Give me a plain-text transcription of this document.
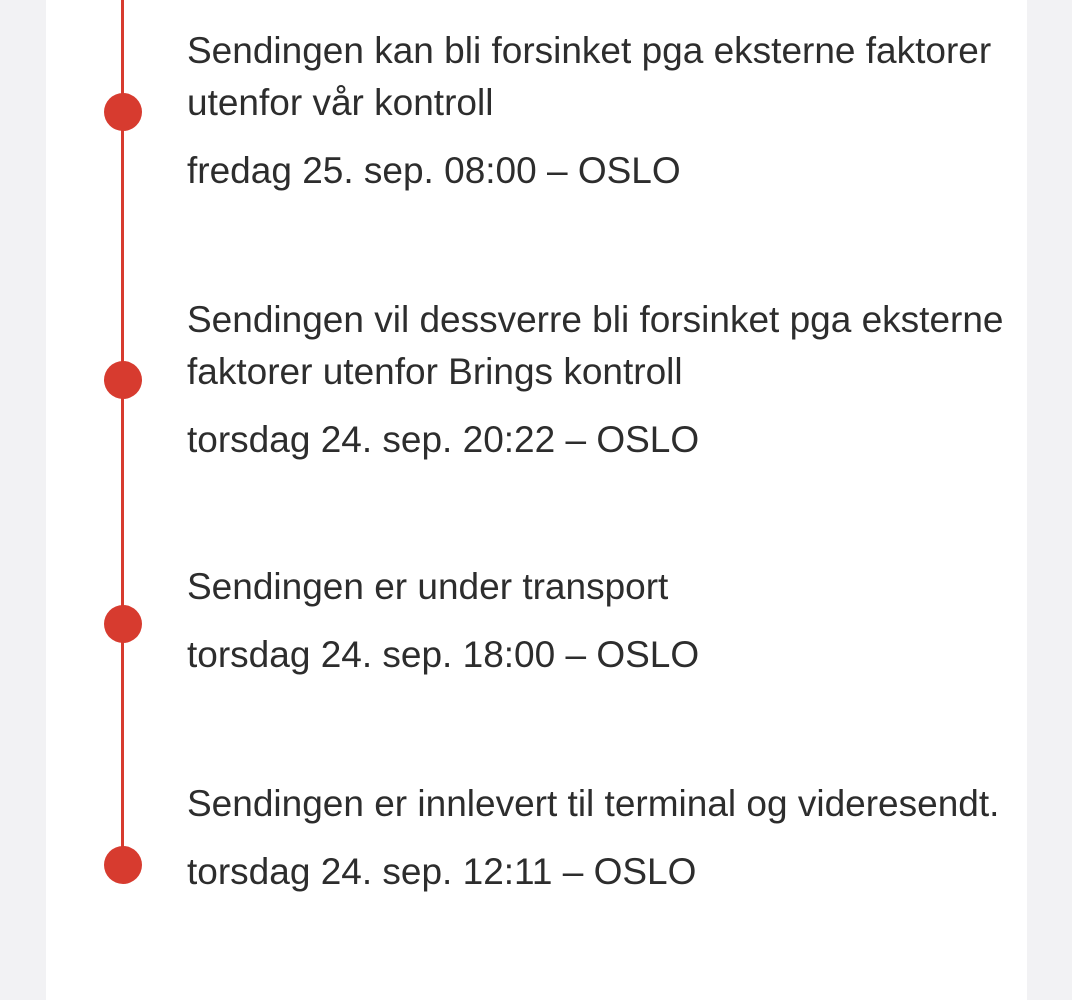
Sendingen kan bli forsinket pga eksterne faktorer utenfor vår kontroll

fredag 25. sep. 08:00 – OSLO

Sendingen vil dessverre bli forsinket pga eksterne faktorer utenfor Brings kontroll

torsdag 24. sep. 20:22 – OSLO

Sendingen er under transport

torsdag 24. sep. 18:00 – OSLO

Sendingen er innlevert til terminal og videresendt.

torsdag 24. sep. 12:11 – OSLO
